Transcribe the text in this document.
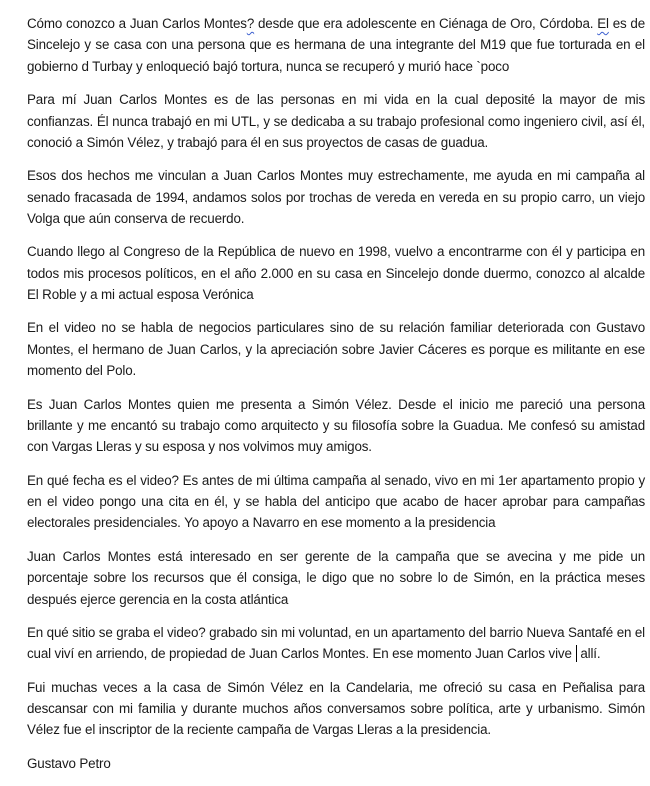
Cómo conozco a Juan Carlos Montes? desde que era adolescente en Ciénaga de Oro, Córdoba. El es de Sincelejo y se casa con una persona que es hermana de una integrante del M19 que fue torturada en el gobierno d Turbay y enloqueció bajó tortura, nunca se recuperó y murió hace `poco

Para mí Juan Carlos Montes es de las personas en mi vida en la cual deposité la mayor de mis confianzas. Él nunca trabajó en mi UTL, y se dedicaba a su trabajo profesional como ingeniero civil, así él, conoció a Simón Vélez, y trabajó para él en sus proyectos de casas de guadua.

Esos dos hechos me vinculan a Juan Carlos Montes muy estrechamente, me ayuda en mi campaña al senado fracasada de 1994, andamos solos por trochas de vereda en vereda en su propio carro, un viejo Volga que aún conserva de recuerdo.

Cuando llego al Congreso de la República de nuevo en 1998, vuelvo a encontrarme con él y participa en todos mis procesos políticos, en el año 2.000 en su casa en Sincelejo donde duermo, conozco al alcalde El Roble y a mi actual esposa Verónica

En el video no se habla de negocios particulares sino de su relación familiar deteriorada con Gustavo Montes, el hermano de Juan Carlos, y la apreciación sobre Javier Cáceres es porque es militante en ese momento del Polo.

Es Juan Carlos Montes quien me presenta a Simón Vélez. Desde el inicio me pareció una persona brillante y me encantó su trabajo como arquitecto y su filosofía sobre la Guadua. Me confesó su amistad con Vargas Lleras y su esposa y nos volvimos muy amigos.

En qué fecha es el video? Es antes de mi última campaña al senado, vivo en mi 1er apartamento propio y en el video pongo una cita en él, y se habla del anticipo que acabo de hacer aprobar para campañas electorales presidenciales. Yo apoyo a Navarro en ese momento a la presidencia

Juan Carlos Montes está interesado en ser gerente de la campaña que se avecina y me pide un porcentaje sobre los recursos que él consiga, le digo que no sobre lo de Simón, en la práctica meses después ejerce gerencia en la costa atlántica

En qué sitio se graba el video? grabado sin mi voluntad, en un apartamento del barrio Nueva Santafé en el cual viví en arriendo, de propiedad de Juan Carlos Montes. En ese momento Juan Carlos vive allí.

Fui muchas veces a la casa de Simón Vélez en la Candelaria, me ofreció su casa en Peñalisa para descansar con mi familia y durante muchos años conversamos sobre política, arte y urbanismo. Simón Vélez fue el inscriptor de la reciente campaña de Vargas Lleras a la presidencia.

Gustavo Petro
